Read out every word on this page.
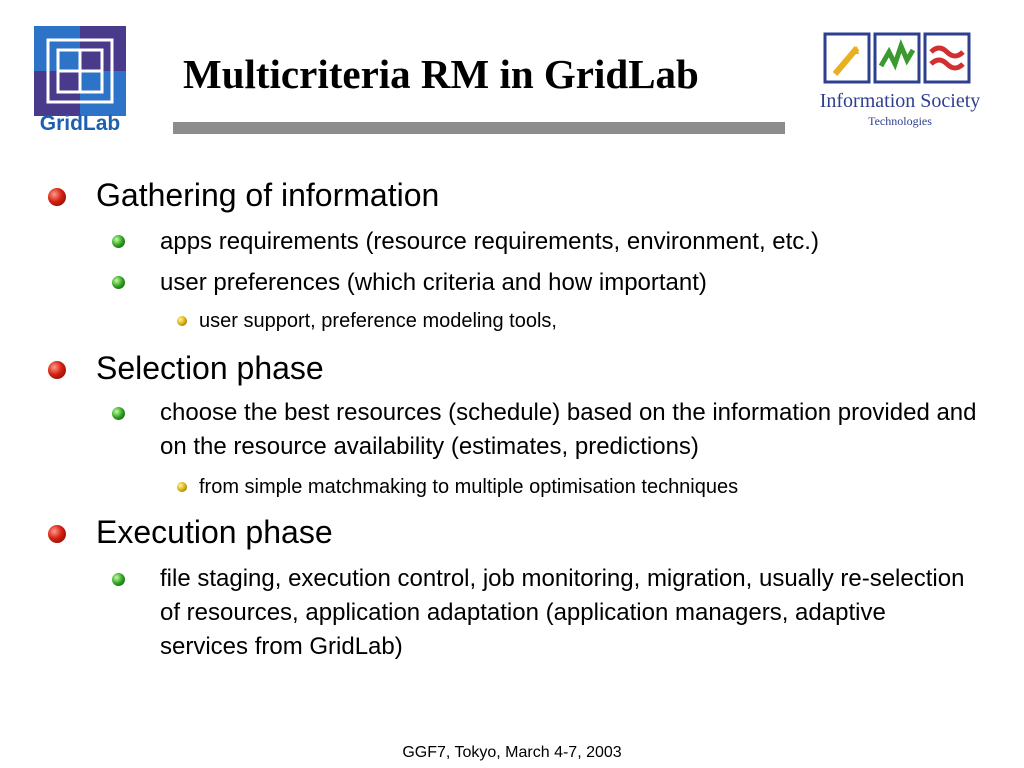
GridLab
Multicriteria RM in GridLab
Information Society
Technologies
Gathering of information
apps requirements (resource requirements, environment, etc.)
user preferences (which criteria and how important)
user support, preference modeling tools,
Selection phase
choose the best resources (schedule) based on the information provided and on the resource availability (estimates, predictions)
from simple matchmaking to multiple optimisation techniques
Execution phase
file staging, execution control, job monitoring, migration, usually re-selection of resources, application adaptation (application managers, adaptive services from GridLab)
GGF7, Tokyo, March 4-7, 2003
